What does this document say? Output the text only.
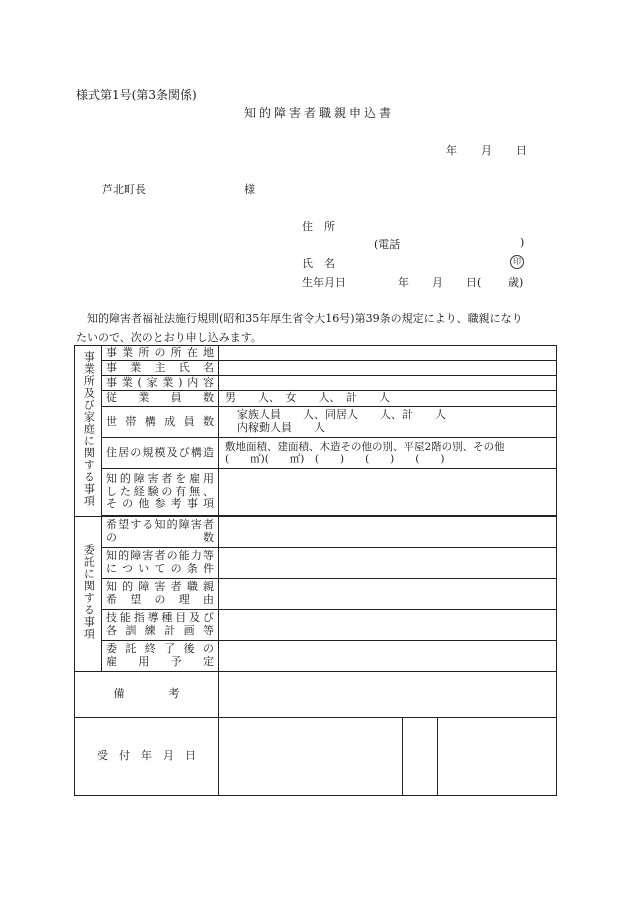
様式第1号(第3条関係)
知的障害者職親申込書
年 月 日
芦北町長	様
住　所
(電話	)
氏　名	印
生年月日	年 月 日( 歳)
知的障害者福祉法施行規則(昭和35年厚生省令大16号)第39条の規定により、職親になり
たいので、次のとおり申し込みます。
事業所及び家庭に関する事項	事業所の所在地			
	事業主氏名			
	事業(家業)内容			
	従業員数	男　　人、　女　　人、　計　　人		
	世帯構成員数	家族人員　　人、同居人　　人、計　　人
内稼動人員　　人		

	住居の規模及び構造	敷地面積、建面積、木造その他の別、平屋2階の別、その他
(　　㎡)(　　㎡)　(　　)　　(　　)　　(　　)		

	知的障害者を雇用
した経験の有無、
その他参考事項			

委託に関する事項	希望する知的障害者
の　　　　　　数			

	知的障害者の能力等
についての条件			

	知的障害者職親
希望の理由			

	技能指導種目及び
各訓練計画等			

	委託終了後の
雇用予定			

備　　　　考				
受　付　年　月　日				
